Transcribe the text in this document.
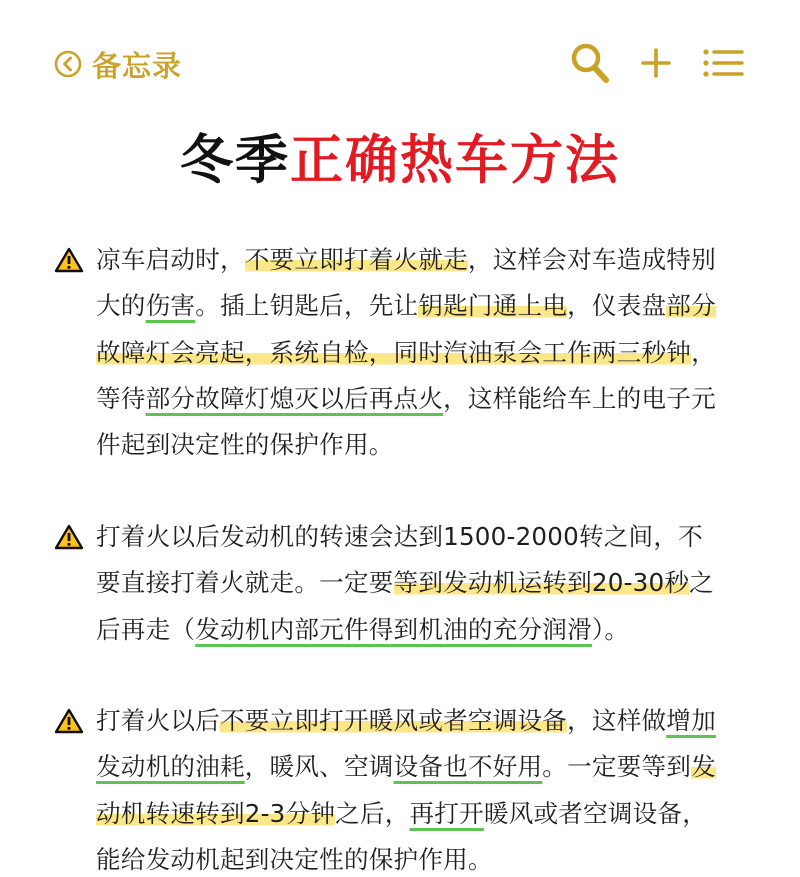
备忘录
冬季正确热车方法
凉车启动时，不要立即打着火就走，这样会对车造成特别
大的伤害。插上钥匙后，先让钥匙门通上电，仪表盘部分
故障灯会亮起，系统自检，同时汽油泵会工作两三秒钟，
等待部分故障灯熄灭以后再点火，这样能给车上的电子元
件起到决定性的保护作用。
打着火以后发动机的转速会达到1500-2000转之间，不
要直接打着火就走。一定要等到发动机运转到20-30秒之
后再走（发动机内部元件得到机油的充分润滑）。
打着火以后不要立即打开暖风或者空调设备，这样做增加
发动机的油耗，暖风、空调设备也不好用。一定要等到发
动机转速转到2-3分钟之后，再打开暖风或者空调设备，
能给发动机起到决定性的保护作用。
